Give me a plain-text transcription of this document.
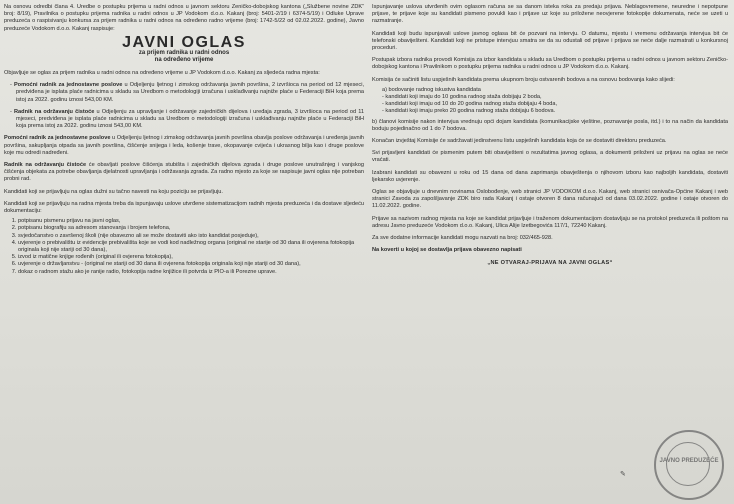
Na osnovu odredbi člana 4. Uredbe o postupku prijema u radni odnos u javnom sektoru Zeničko-dobojskog kantona („Službene novine ZDK“ broj: 8/19), Pravilnika o postupku prijema radnika u radni odnos u JP Vodokom d.o.o. Kakanj (broj: 5401-2/19 i 6374-5/19) i Odluke Uprave preduzeća o raspisivanju konkursa za prijem radnika u radni odnos na određeno radno vrijeme (broj: 1742-5/22 od 02.02.2022. godine), Javno preduzeće Vodokom d.o.o. Kakanj raspisuje:

JAVNI OGLAS
za prijem radnika u radni odnos
na određeno vrijeme

Objavljuje se oglas za prijem radnika u radni odnos na određeno vrijeme u JP Vodokom d.o.o. Kakanj za sljedeća radna mjesta:

- Pomoćni radnik za jednostavne poslove u Odjeljenju ljetnog i zimskog održavanja javnih površina, 2 izvršioca na period od 12 mjeseci, predviđena je isplata plaće radnicima u skladu sa Uredbom o metodologiji izračuna i usklađivanju najniže plaće u Federaciji BiH koja prema istoj za 2022. godinu iznosi 543,00 KM.
- Radnik na održavanju čistoće u Odjeljenju za upravljanje i održavanje zajedničkih dijelova i uređaja zgrada, 3 izvršioca na period od 11 mjeseci, predviđena je isplata plaće radnicima u skladu sa Uredbom o metodologiji izračuna i usklađivanju najniže plaće u Federaciji BiH koja prema istoj za 2022. godinu iznosi 543,00 KM.

Pomoćni radnik za jednostavne poslove u Odjeljenju ljetnog i zimskog održavanja javnih površina obavlja poslove održavanja i uređenja javnih površina, sakupljanja otpada sa javnih površina, čišćenje snijega i leda, košenje trave, okopavanje cvijeća i ukrasnog bilja kao i druge poslove koje mu odredi nadređeni.

Radnik na održavanju čistoće će obavljati poslove čišćenja stubišta i zajedničkih dijelova zgrada i druge poslove unutrašnjeg i vanjskog čišćenja objekata za potrebe obavljanja djelatnosti upravljanja i održavanja zgrada. Za radno mjesto za koje se raspisuje javni oglas nije potreban probni rad.

Kandidati koji se prijavljuju na oglas dužni su tačno navesti na koju poziciju se prijavljuju.

Kandidati koji se prijavljuju na radna mjesta treba da ispunjavaju uslove utvrđene sistematizacijom radnih mjesta preduzeća i da dostave sljedeću dokumentaciju:

1. potpisanu pismenu prijavu na javni oglas,
2. potpisanu biografiju sa adresom stanovanja i brojem telefona,
3. svjedočanstvo o završenoj školi (nije obavezno ali se može dostaviti ako isto kandidat posjeduje),
4. uvjerenje o prebivalištu iz evidencije prebivališta koje se vodi kod nadležnog organa (original ne starije od 30 dana ili ovjerena fotokopija originala koji nije stariji od 30 dana),
5. izvod iz matične knjige rođenih (original ili ovjerena fotokopija),
6. uvjerenje o državljanstvu - (original ne stariji od 30 dana ili ovjerena fotokopija originala koji nije stariji od 30 dana),
7. dokaz o radnom stažu ako je ranije radio, fotokopija radne knjižice ili potvrda iz PIO-a ili Porezne uprave.

Ispunjavanje uslova utvrđenih ovim oglasom računa se sa danom isteka roka za predaju prijava. Neblagovremene, neuredne i nepotpune prijave, te prijave koje su kandidati pismeno povukli kao i prijave uz koje su priložene neovjerene fotokopije dokumenata, neće se uzeti u razmatranje.

Kandidati koji budu ispunjavali uslove javnog oglasa bit će pozvani na intervju. O datumu, mjestu i vremenu održavanja intervjua bit će telefonski obaviješteni. Kandidati koji ne pristupe intervjuu smatra se da su odustali od prijave i prijava se neće dalje razmatrati u konkursnoj proceduri.

Postupak izbora radnika provodi Komisija za izbor kandidata u skladu sa Uredbom o postupku prijema u radni odnos u javnom sektoru Zeničko-dobojskog kantona i Pravilnikom o postupku prijema radnika u radni odnos u JP Vodokom d.o.o. Kakanj.

Komisija će sačiniti listu uspješnih kandidata prema ukupnom broju ostvarenih bodova a na osnovu bodovanja kako slijedi:

a) bodovanje radnog iskustva kandidata
- kandidati koji imaju do 10 godina radnog staža dobijaju 2 boda,
- kandidati koji imaju od 10 do 20 godina radnog staža dobijaju 4 boda,
- kandidati koji imaju preko 20 godina radnog staža dobijaju 6 bodova.

b) članovi komisije nakon intervjua vrednuju opći dojam kandidata (komunikacijske vještine, poznavanje posla, itd.) i to na način da kandidata boduju pojedinačno od 1 do 7 bodova.

Konačan izvještaj Komisije će sadržavati jedinstvenu listu uspješnih kandidata koja će se dostaviti direktoru preduzeća.

Svi prijavljeni kandidati će pismenim putem biti obaviješteni o rezultatima javnog oglasa, a dokumenti priloženi uz prijavu na oglas se neće vraćati.

Izabrani kandidati su obavezni u roku od 15 dana od dana zaprimanja obavještenja o njihovom izboru kao najboljih kandidata, dostaviti ljekarsko uvjerenje.

Oglas se objavljuje u dnevnim novinama Oslobođenje, web stranici JP VODOKOM d.o.o. Kakanj, web stranici osnivača-Općine Kakanj i web stranici Zavoda za zapošljavanje ZDK biro rada Kakanj i ostaje otvoren 8 dana računajući od dana 03.02.2022. godine i ostaje otvoren do 11.02.2022. godine.

Prijave sa nazivom radnog mjesta na koje se kandidat prijavljuje i traženom dokumentacijom dostavljaju se na protokol preduzeća ili poštom na adresu Javno preduzeće Vodokom d.o.o. Kakanj, Ulica Alije Izetbegovića 117/1, 72240 Kakanj.

Za sve dodatne informacije kandidati mogu nazvati na broj: 032/465-928.

Na koverti u kojoj se dostavlja prijava obavezno napisati

„NE OTVARAJ-PRIJAVA NA JAVNI OGLAS“
JAVNO PREDUZEĆE
✎
